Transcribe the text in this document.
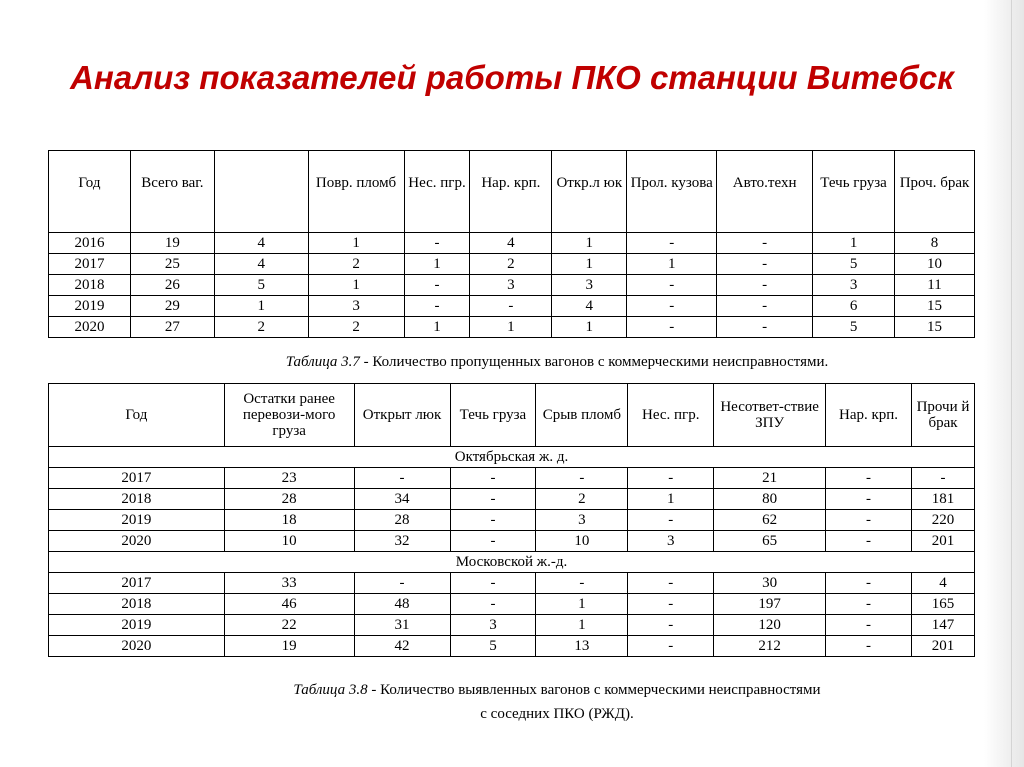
Анализ показателей работы ПКО станции Витебск
Год	Всего ваг.		Повр. пломб	Нес. пгр.	Нар. крп.	Откр.л юк	Прол. кузова	Авто.техн	Течь груза	Проч. брак
2016	19	4	1	-	4	1	-	-	1	8
2017	25	4	2	1	2	1	1	-	5	10
2018	26	5	1	-	3	3	-	-	3	11
2019	29	1	3	-	-	4	-	-	6	15
2020	27	2	2	1	1	1	-	-	5	15
Таблица 3.7 - Количество пропущенных вагонов с коммерческими неисправностями.
Год	Остатки ранее перевози-мого груза	Открыт люк	Течь груза	Срыв пломб	Нес. пгр.	Несответ-ствие ЗПУ	Нар. крп.	Прочи й брак
Октябрьская ж. д.								
2017	23	-	-	-	-	21	-	-
2018	28	34	-	2	1	80	-	181
2019	18	28	-	3	-	62	-	220
2020	10	32	-	10	3	65	-	201
Московской ж.-д.								
2017	33	-	-	-	-	30	-	4
2018	46	48	-	1	-	197	-	165
2019	22	31	3	1	-	120	-	147
2020	19	42	5	13	-	212	-	201
Таблица 3.8 - Количество выявленных вагонов с коммерческими неисправностями
с соседних ПКО (РЖД).
